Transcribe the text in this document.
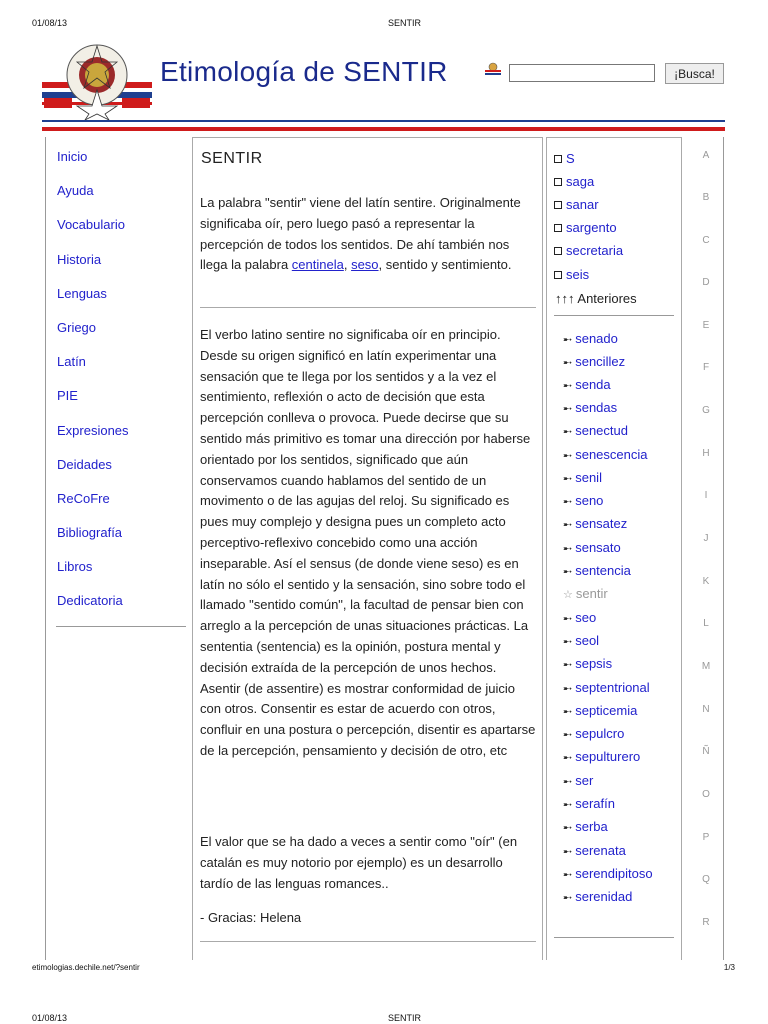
01/08/13	SENTIR
Etimología de SENTIR	¡Busca!
Inicio
Ayuda
Vocabulario
Historia
Lenguas
Griego
Latín
PIE
Expresiones
Deidades
ReCoFre
Bibliografía
Libros
Dedicatoria
SENTIR

La palabra "sentir" viene del latín sentire. Originalmente significaba oír, pero luego pasó a representar la percepción de todos los sentidos. De ahí también nos llega la palabra centinela, seso, sentido y sentimiento.

El verbo latino sentire no significaba oír en principio. Desde su origen significó en latín experimentar una sensación que te llega por los sentidos y a la vez el sentimiento, reflexión o acto de decisión que esta percepción conlleva o provoca. Puede decirse que su sentido más primitivo es tomar una dirección por haberse orientado por los sentidos, significado que aún conservamos cuando hablamos del sentido de un movimento o de las agujas del reloj. Su significado es pues muy complejo y designa pues un completo acto perceptivo-reflexivo concebido como una acción inseparable. Así el sensus (de donde viene seso) es en latín no sólo el sentido y la sensación, sino sobre todo el llamado "sentido común", la facultad de pensar bien con arreglo a la percepción de unas situaciones prácticas. La sententia (sentencia) es la opinión, postura mental y decisión extraída de la percepción de unos hechos. Asentir (de assentire) es mostrar conformidad de juicio con otros. Consentir es estar de acuerdo con otros, confluir en una postura o percepción, disentir es apartarse de la percepción, pensamiento y decisión de otro, etc

El valor que se ha dado a veces a sentir como "oír" (en catalán es muy notorio por ejemplo) es un desarrollo tardío de las lenguas romances..

- Gracias: Helena

S
saga
sanar
sargento
secretaria
seis
↑↑↑ Anteriores
➸ senado
➸ sencillez
➸ senda
➸ sendas
➸ senectud
➸ senescencia
➸ senil
➸ seno
➸ sensatez
➸ sensato
➸ sentencia
☆ sentir
➸ seo
➸ seol
➸ sepsis
➸ septentrional
➸ septicemia
➸ sepulcro
➸ sepulturero
➸ ser
➸ serafín
➸ serba
➸ serenata
➸ serendipitoso
➸ serenidad
A
B
C
D
E
F
G
H
I
J
K
L
M
N
Ñ
O
P
Q
R
etimologias.dechile.net/?sentir	1/3
01/08/13	SENTIR
